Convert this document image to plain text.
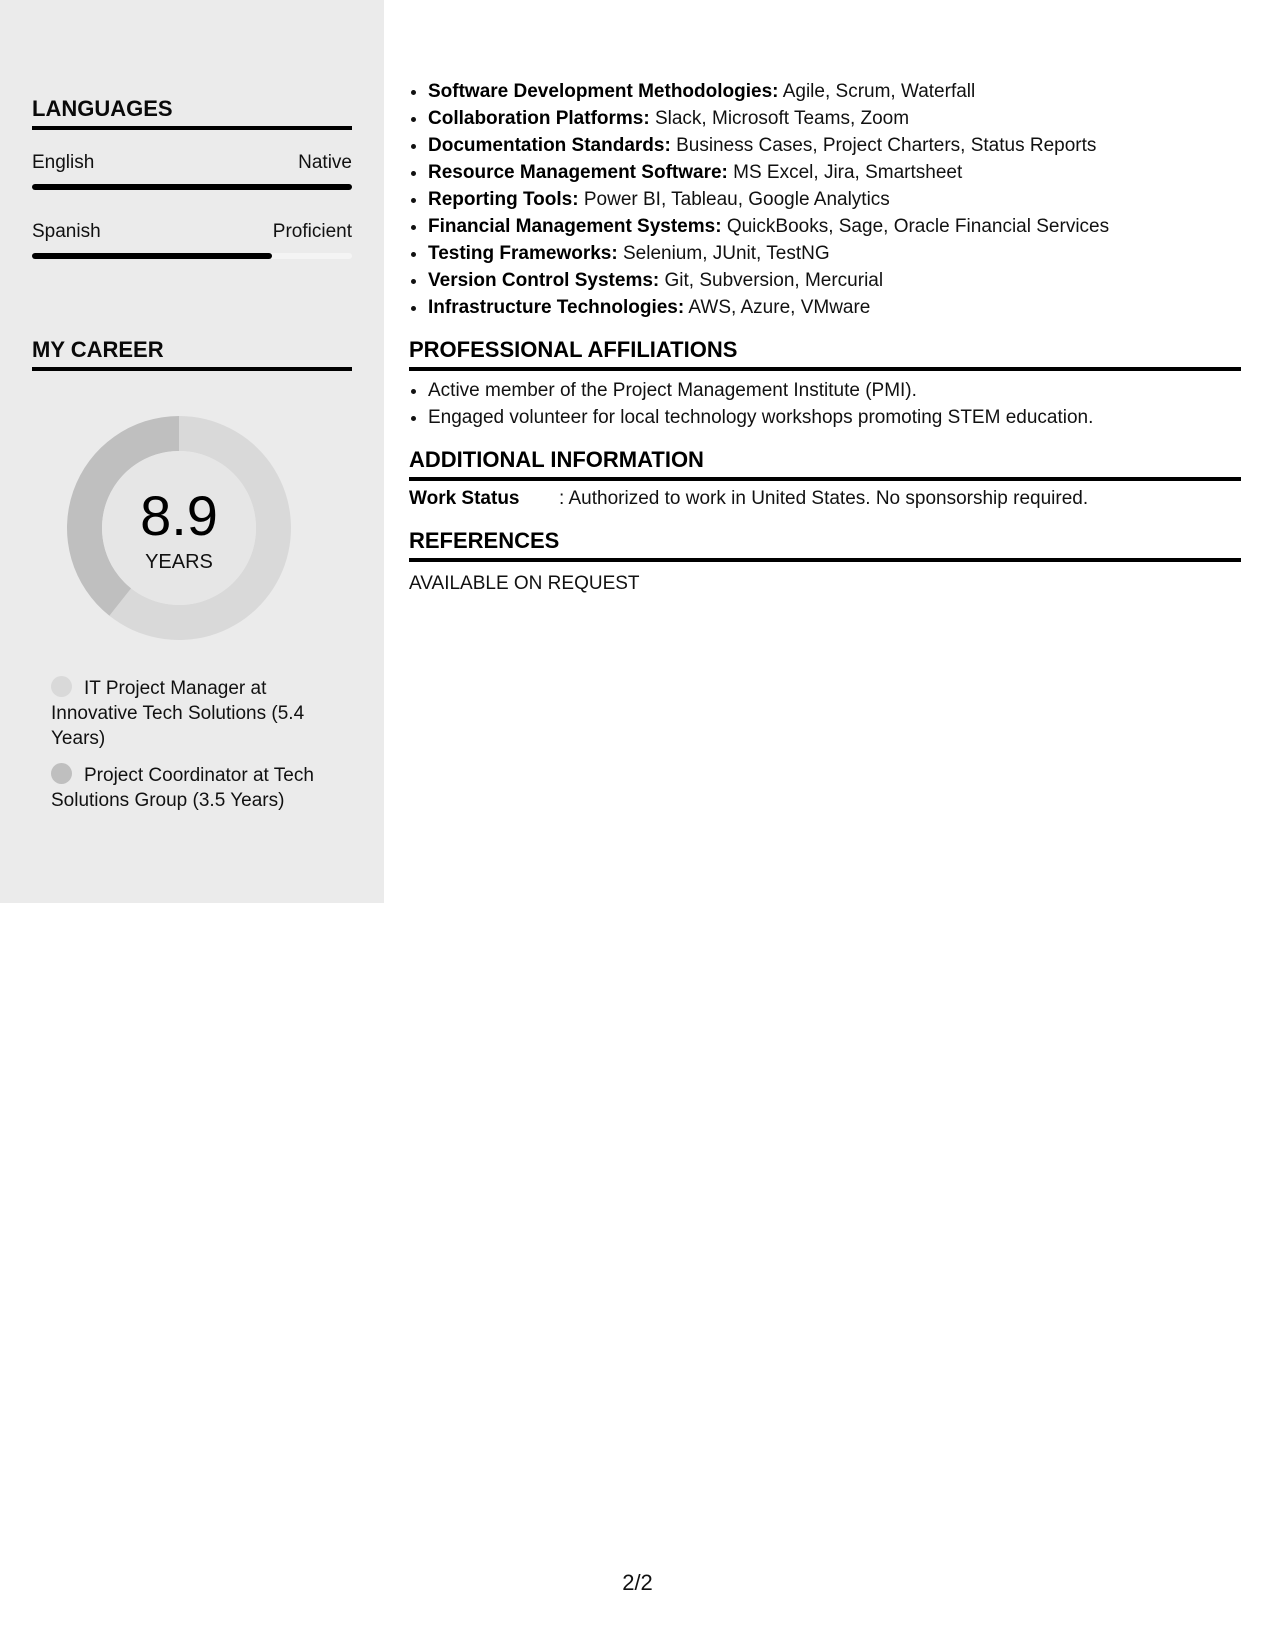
LANGUAGES
English	Native
Spanish	Proficient
MY CAREER
8.9
YEARS
IT Project Manager at Innovative Tech Solutions (5.4 Years)
Project Coordinator at Tech Solutions Group (3.5 Years)
• Software Development Methodologies: Agile, Scrum, Waterfall
• Collaboration Platforms: Slack, Microsoft Teams, Zoom
• Documentation Standards: Business Cases, Project Charters, Status Reports
• Resource Management Software: MS Excel, Jira, Smartsheet
• Reporting Tools: Power BI, Tableau, Google Analytics
• Financial Management Systems: QuickBooks, Sage, Oracle Financial Services
• Testing Frameworks: Selenium, JUnit, TestNG
• Version Control Systems: Git, Subversion, Mercurial
• Infrastructure Technologies: AWS, Azure, VMware
PROFESSIONAL AFFILIATIONS
• Active member of the Project Management Institute (PMI).
• Engaged volunteer for local technology workshops promoting STEM education.
ADDITIONAL INFORMATION
Work Status : Authorized to work in United States. No sponsorship required.
REFERENCES
AVAILABLE ON REQUEST
2/2
